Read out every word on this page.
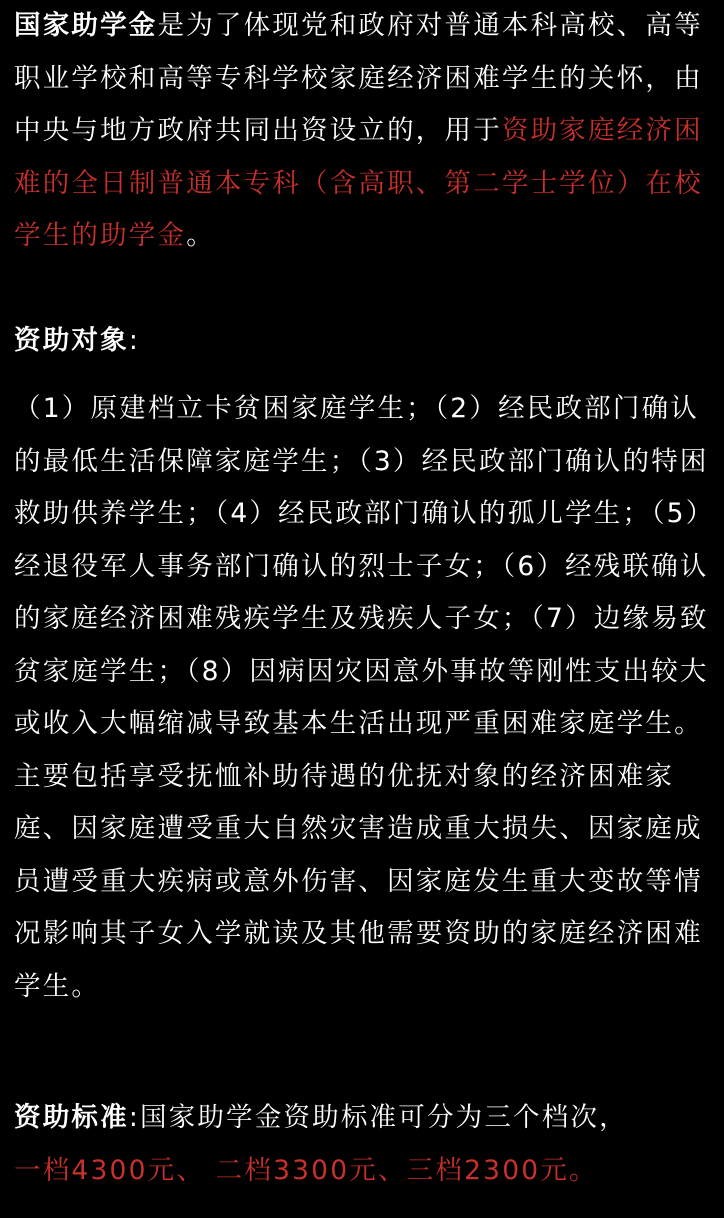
国家助学金是为了体现党和政府对普通本科高校、高等职业学校和高等专科学校家庭经济困难学生的关怀，由中央与地方政府共同出资设立的，用于资助家庭经济困难的全日制普通本专科（含高职、第二学士学位）在校学生的助学金。

资助对象:

（1）原建档立卡贫困家庭学生；（2）经民政部门确认的最低生活保障家庭学生；（3）经民政部门确认的特困救助供养学生；（4）经民政部门确认的孤儿学生；（5）经退役军人事务部门确认的烈士子女；（6）经残联确认的家庭经济困难残疾学生及残疾人子女；（7）边缘易致贫家庭学生；（8）因病因灾因意外事故等刚性支出较大或收入大幅缩减导致基本生活出现严重困难家庭学生。主要包括享受抚恤补助待遇的优抚对象的经济困难家庭、因家庭遭受重大自然灾害造成重大损失、因家庭成员遭受重大疾病或意外伤害、因家庭发生重大变故等情况影响其子女入学就读及其他需要资助的家庭经济困难学生。

资助标准:国家助学金资助标准可分为三个档次，
一档4300元、 二档3300元、三档2300元。
